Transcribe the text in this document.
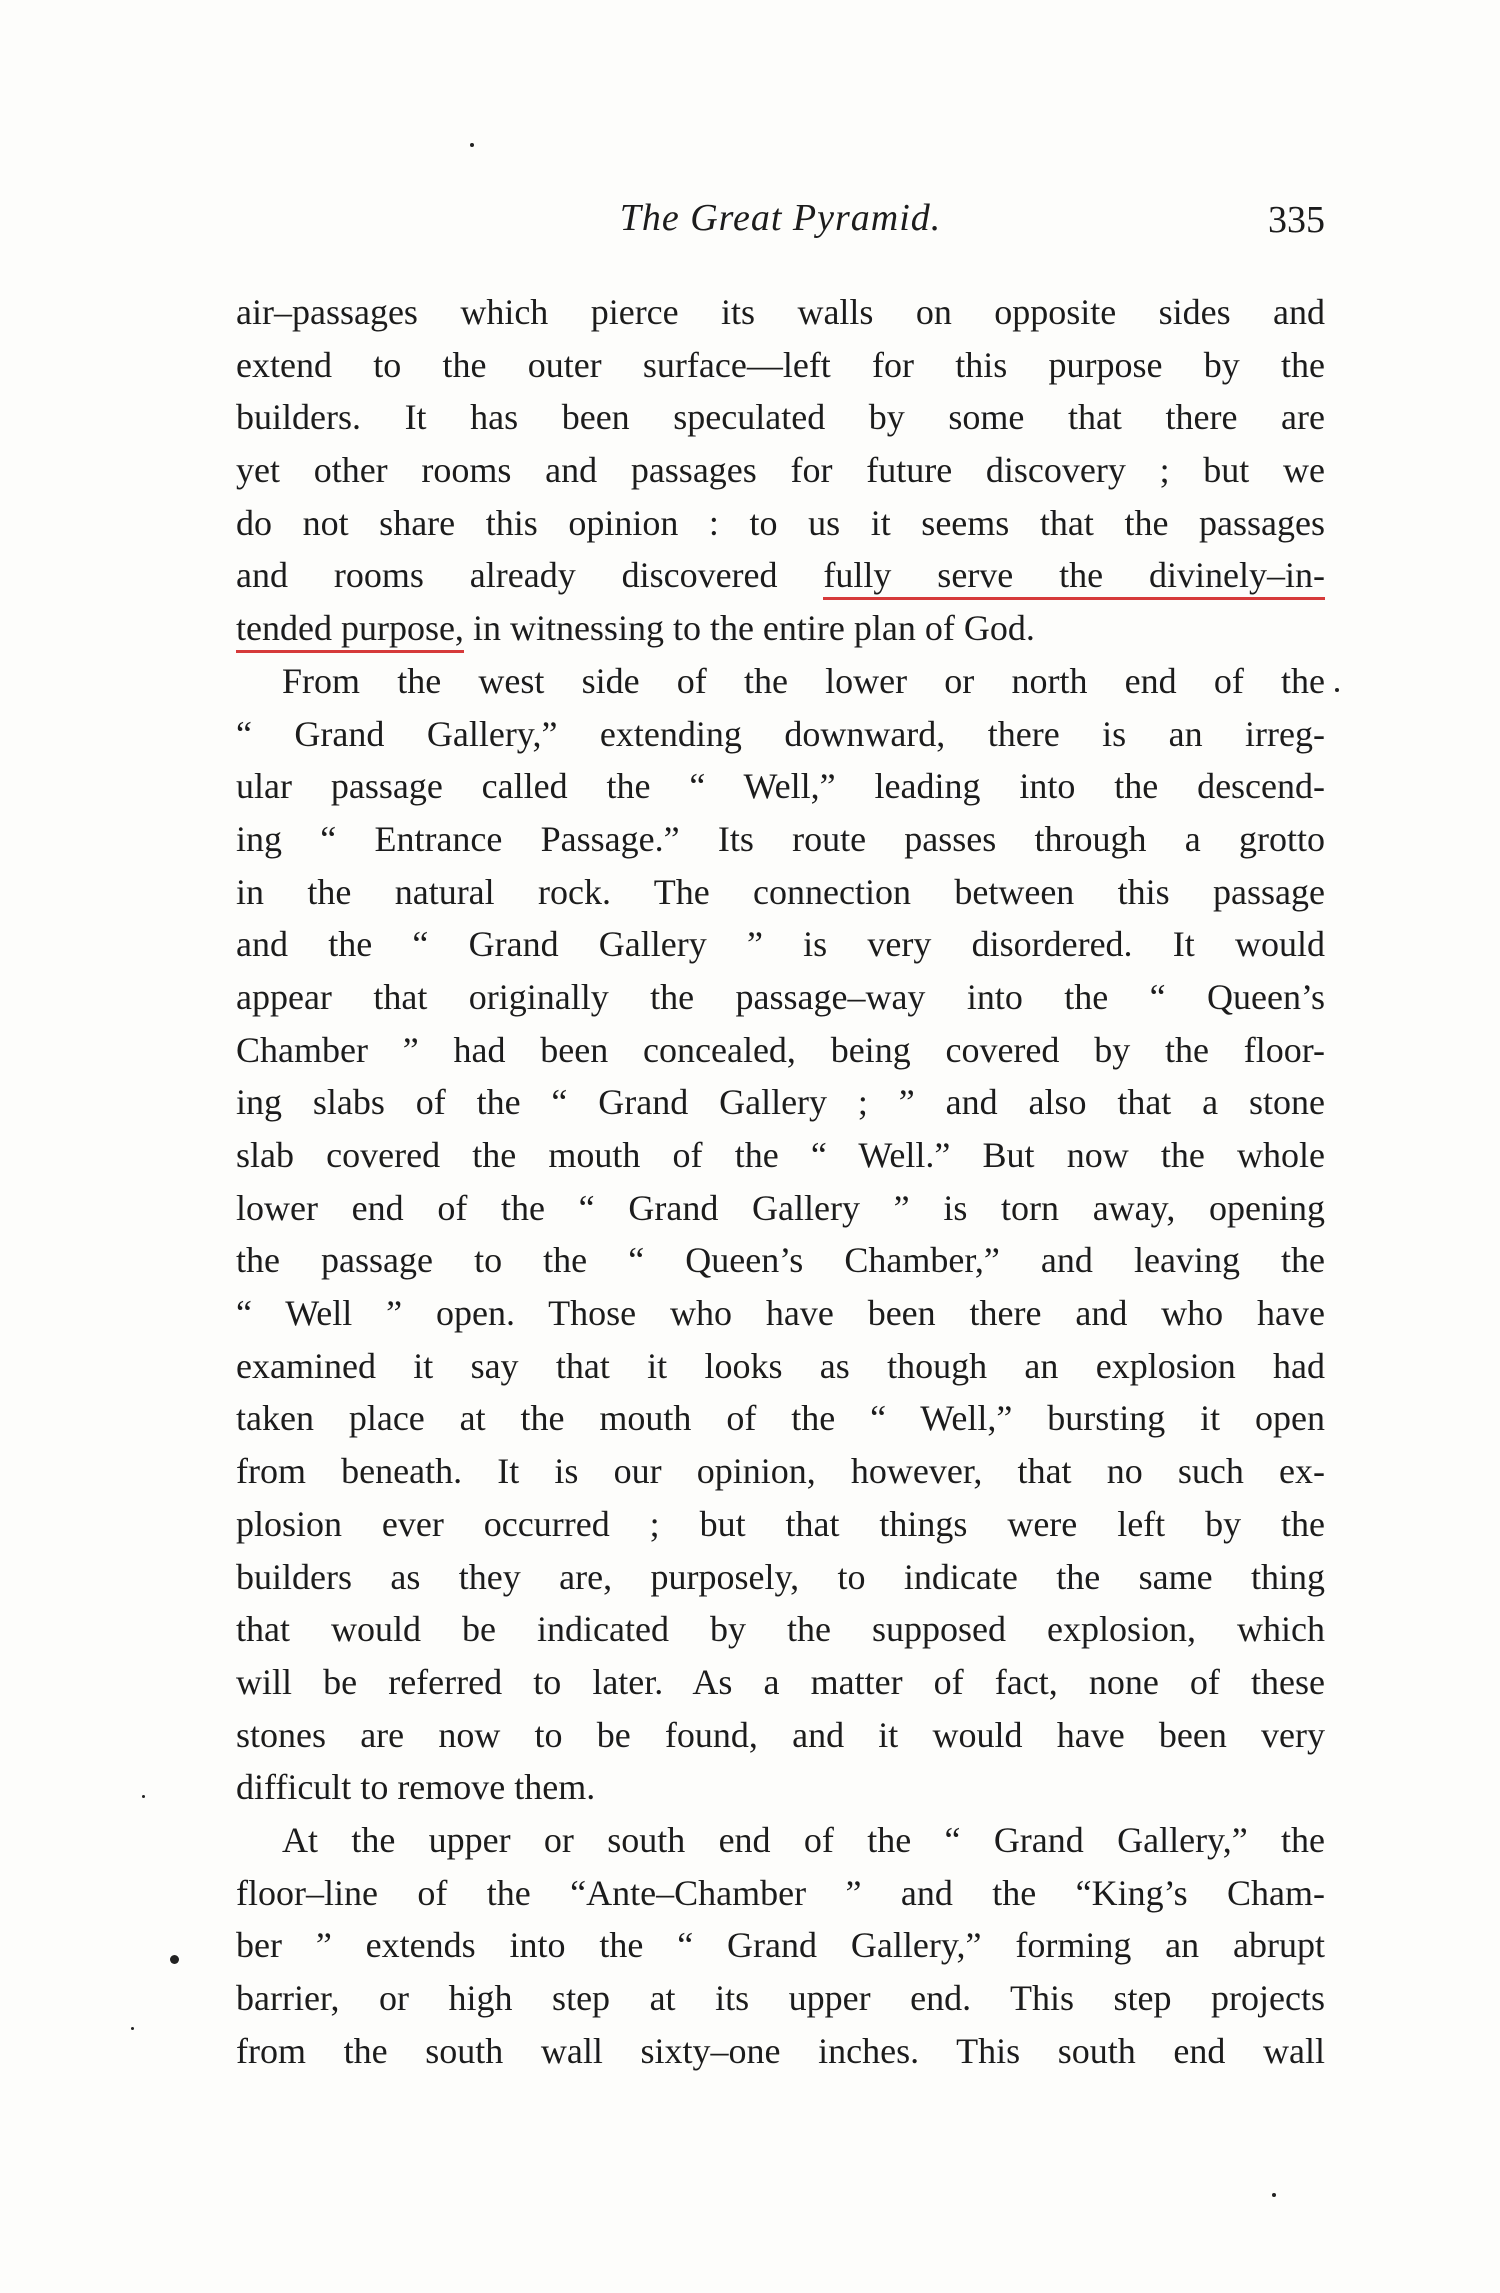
The Great Pyramid.	335
air–passages which pierce its walls on opposite sides and
extend to the outer surface—left for this purpose by the
builders. It has been speculated by some that there are
yet other rooms and passages for future discovery ; but we
do not share this opinion : to us it seems that the passages
and rooms already discovered fully serve the divinely–in-
tended purpose, in witnessing to the entire plan of God.
From the west side of the lower or north end of the
“ Grand Gallery,” extending downward, there is an irreg-
ular passage called the “ Well,” leading into the descend-
ing “ Entrance Passage.” Its route passes through a grotto
in the natural rock. The connection between this passage
and the “ Grand Gallery ” is very disordered. It would
appear that originally the passage–way into the “ Queen’s
Chamber ” had been concealed, being covered by the floor-
ing slabs of the “ Grand Gallery ; ” and also that a stone
slab covered the mouth of the “ Well.” But now the whole
lower end of the “ Grand Gallery ” is torn away, opening
the passage to the “ Queen’s Chamber,” and leaving the
“ Well ” open. Those who have been there and who have
examined it say that it looks as though an explosion had
taken place at the mouth of the “ Well,” bursting it open
from beneath. It is our opinion, however, that no such ex-
plosion ever occurred ; but that things were left by the
builders as they are, purposely, to indicate the same thing
that would be indicated by the supposed explosion, which
will be referred to later. As a matter of fact, none of these
stones are now to be found, and it would have been very
difficult to remove them.
At the upper or south end of the “ Grand Gallery,” the
floor–line of the “Ante–Chamber ” and the “King’s Cham-
ber ” extends into the “ Grand Gallery,” forming an abrupt
barrier, or high step at its upper end. This step projects
from the south wall sixty–one inches. This south end wall
